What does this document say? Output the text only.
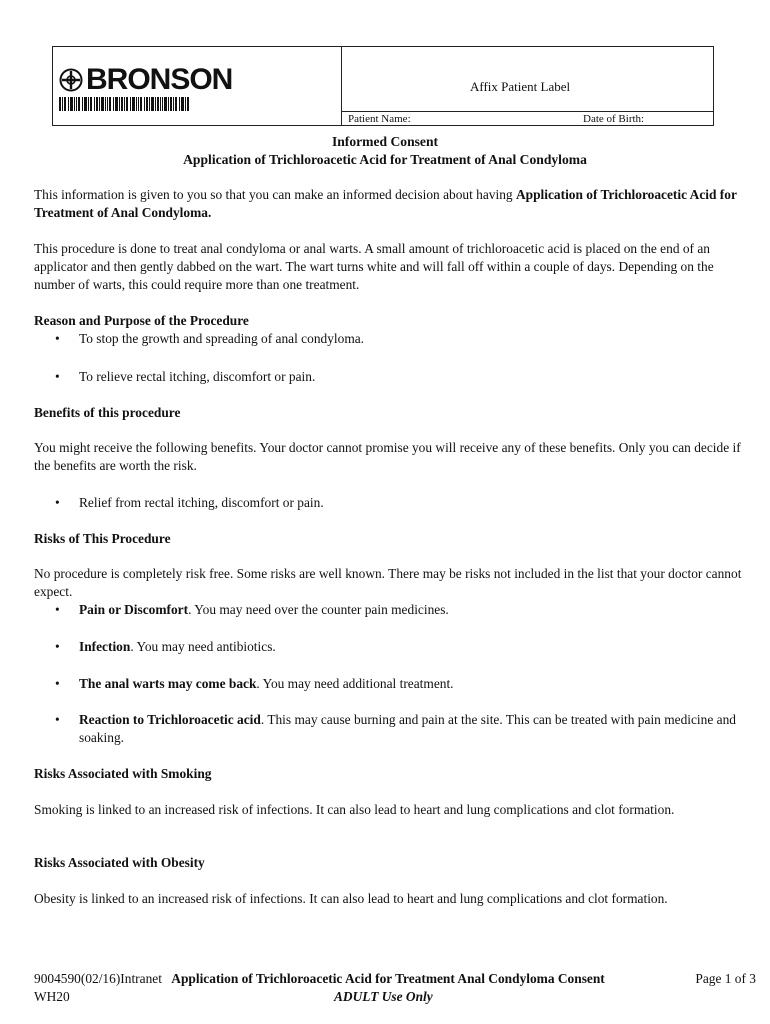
BRONSON	Affix Patient Label
Patient Name:	Date of Birth:
Informed Consent
Application of Trichloroacetic Acid for Treatment of Anal Condyloma

This information is given to you so that you can make an informed decision about having Application of Trichloroacetic Acid for Treatment of Anal Condyloma.

This procedure is done to treat anal condyloma or anal warts. A small amount of trichloroacetic acid is placed on the end of an applicator and then gently dabbed on the wart. The wart turns white and will fall off within a couple of days. Depending on the number of warts, this could require more than one treatment.

Reason and Purpose of the Procedure
• To stop the growth and spreading of anal condyloma.
• To relieve rectal itching, discomfort or pain.
Benefits of this procedure

You might receive the following benefits. Your doctor cannot promise you will receive any of these benefits. Only you can decide if the benefits are worth the risk.

• Relief from rectal itching, discomfort or pain.
Risks of This Procedure

No procedure is completely risk free. Some risks are well known. There may be risks not included in the list that your doctor cannot expect.

• Pain or Discomfort. You may need over the counter pain medicines.
• Infection. You may need antibiotics.
• The anal warts may come back. You may need additional treatment.
• Reaction to Trichloroacetic acid. This may cause burning and pain at the site. This can be treated with pain medicine and soaking.
Risks Associated with Smoking

Smoking is linked to an increased risk of infections. It can also lead to heart and lung complications and clot formation.

Risks Associated with Obesity

Obesity is linked to an increased risk of infections. It can also lead to heart and lung complications and clot formation.

9004590(02/16)Intranet Application of Trichloroacetic Acid for Treatment Anal Condyloma Consent	Page 1 of 3
WH20	ADULT Use Only
